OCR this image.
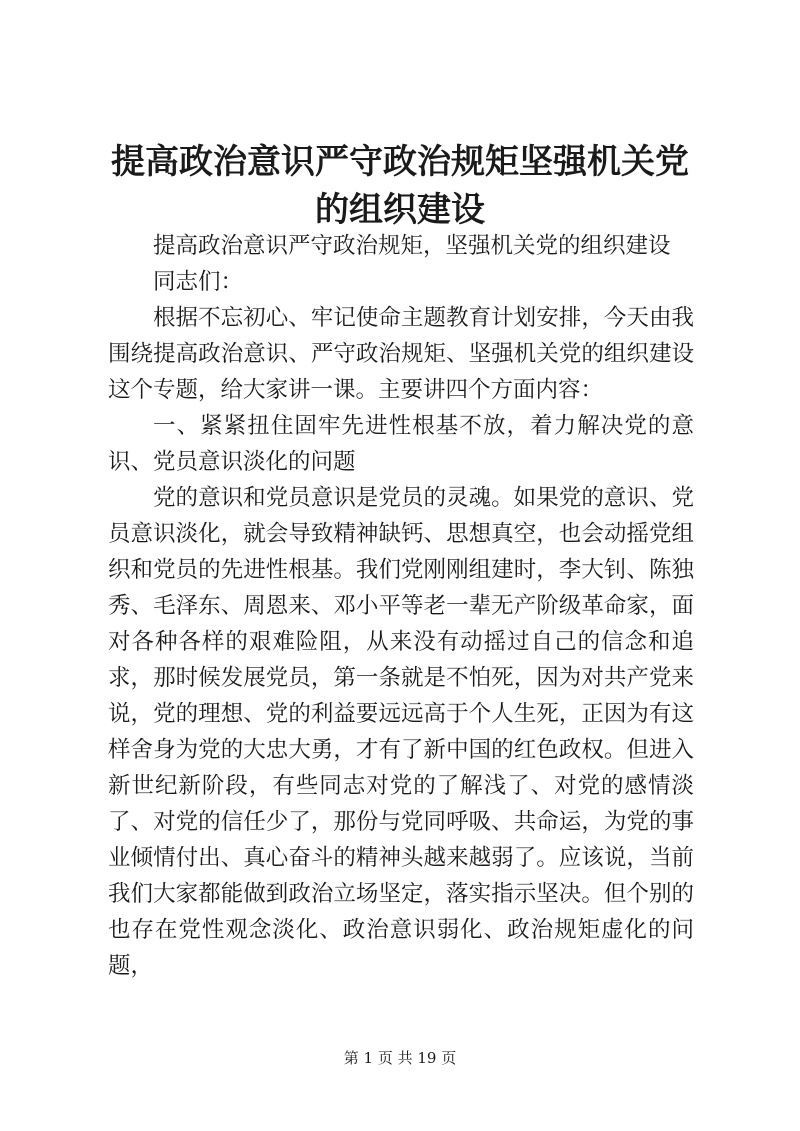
提高政治意识严守政治规矩坚强机关党的组织建设

提高政治意识严守政治规矩，坚强机关党的组织建设

同志们：

根据不忘初心、牢记使命主题教育计划安排，今天由我围绕提高政治意识、严守政治规矩、坚强机关党的组织建设这个专题，给大家讲一课。主要讲四个方面内容：

一、紧紧扭住固牢先进性根基不放，着力解决党的意识、党员意识淡化的问题

党的意识和党员意识是党员的灵魂。如果党的意识、党员意识淡化，就会导致精神缺钙、思想真空，也会动摇党组织和党员的先进性根基。我们党刚刚组建时，李大钊、陈独秀、毛泽东、周恩来、邓小平等老一辈无产阶级革命家，面对各种各样的艰难险阻，从来没有动摇过自己的信念和追求，那时候发展党员，第一条就是不怕死，因为对共产党来说，党的理想、党的利益要远远高于个人生死，正因为有这样舍身为党的大忠大勇，才有了新中国的红色政权。但进入新世纪新阶段，有些同志对党的了解浅了、对党的感情淡了、对党的信任少了，那份与党同呼吸、共命运，为党的事业倾情付出、真心奋斗的精神头越来越弱了。应该说，当前我们大家都能做到政治立场坚定，落实指示坚决。但个别的也存在党性观念淡化、政治意识弱化、政治规矩虚化的问题，

第 1 页 共 19 页
